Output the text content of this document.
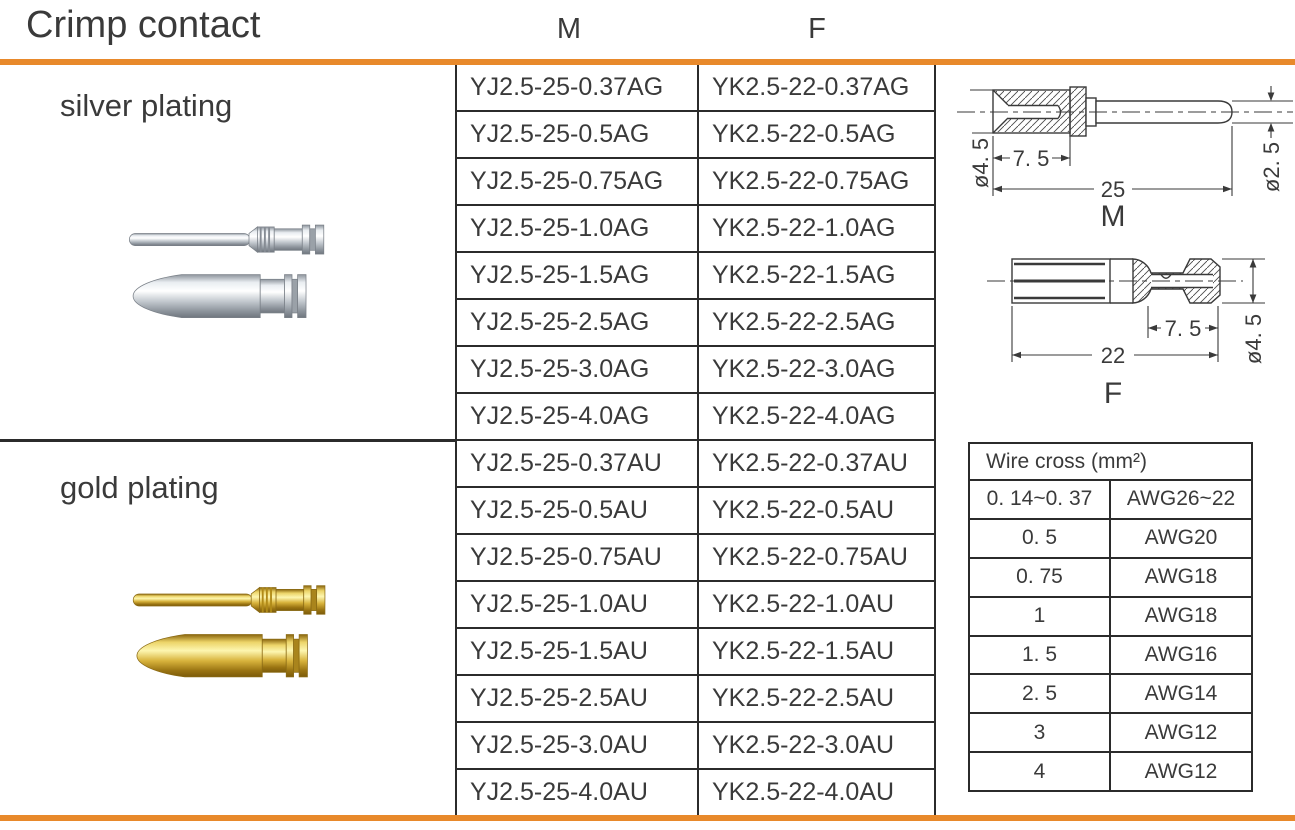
Crimp contact	M	F
silver plating
gold plating
YJ2.5-25-0.37AG	YK2.5-22-0.37AG
YJ2.5-25-0.5AG	YK2.5-22-0.5AG
YJ2.5-25-0.75AG	YK2.5-22-0.75AG
YJ2.5-25-1.0AG	YK2.5-22-1.0AG
YJ2.5-25-1.5AG	YK2.5-22-1.5AG
YJ2.5-25-2.5AG	YK2.5-22-2.5AG
YJ2.5-25-3.0AG	YK2.5-22-3.0AG
YJ2.5-25-4.0AG	YK2.5-22-4.0AG
YJ2.5-25-0.37AU	YK2.5-22-0.37AU
YJ2.5-25-0.5AU	YK2.5-22-0.5AU
YJ2.5-25-0.75AU	YK2.5-22-0.75AU
YJ2.5-25-1.0AU	YK2.5-22-1.0AU
YJ2.5-25-1.5AU	YK2.5-22-1.5AU
YJ2.5-25-2.5AU	YK2.5-22-2.5AU
YJ2.5-25-3.0AU	YK2.5-22-3.0AU
YJ2.5-25-4.0AU	YK2.5-22-4.0AU
7. 5
25
ø4. 5	ø2. 5
M
7. 5
22	ø4. 5
F
Wire cross (mm²)
0. 14~0. 37	AWG26~22
0. 5	AWG20
0. 75	AWG18
1	AWG18
1. 5	AWG16
2. 5	AWG14
3	AWG12
4	AWG12
